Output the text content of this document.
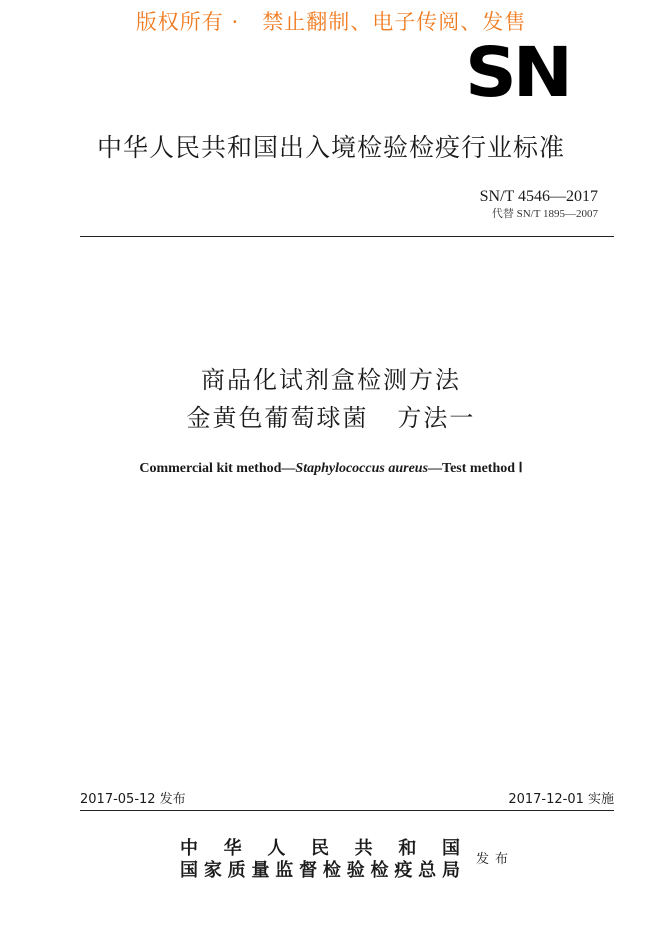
版权所有 ·   禁止翻制、电子传阅、发售
SN
中华人民共和国出入境检验检疫行业标准
SN/T 4546—2017
代替 SN/T 1895—2007
商品化试剂盒检测方法
金黄色葡萄球菌   方法一
Commercial kit method—Staphylococcus aureus—Test method Ⅰ
2017-05-12 发布	2017-12-01 实施
中 华 人 民 共 和 国
国家质量监督检验检疫总局
发布
